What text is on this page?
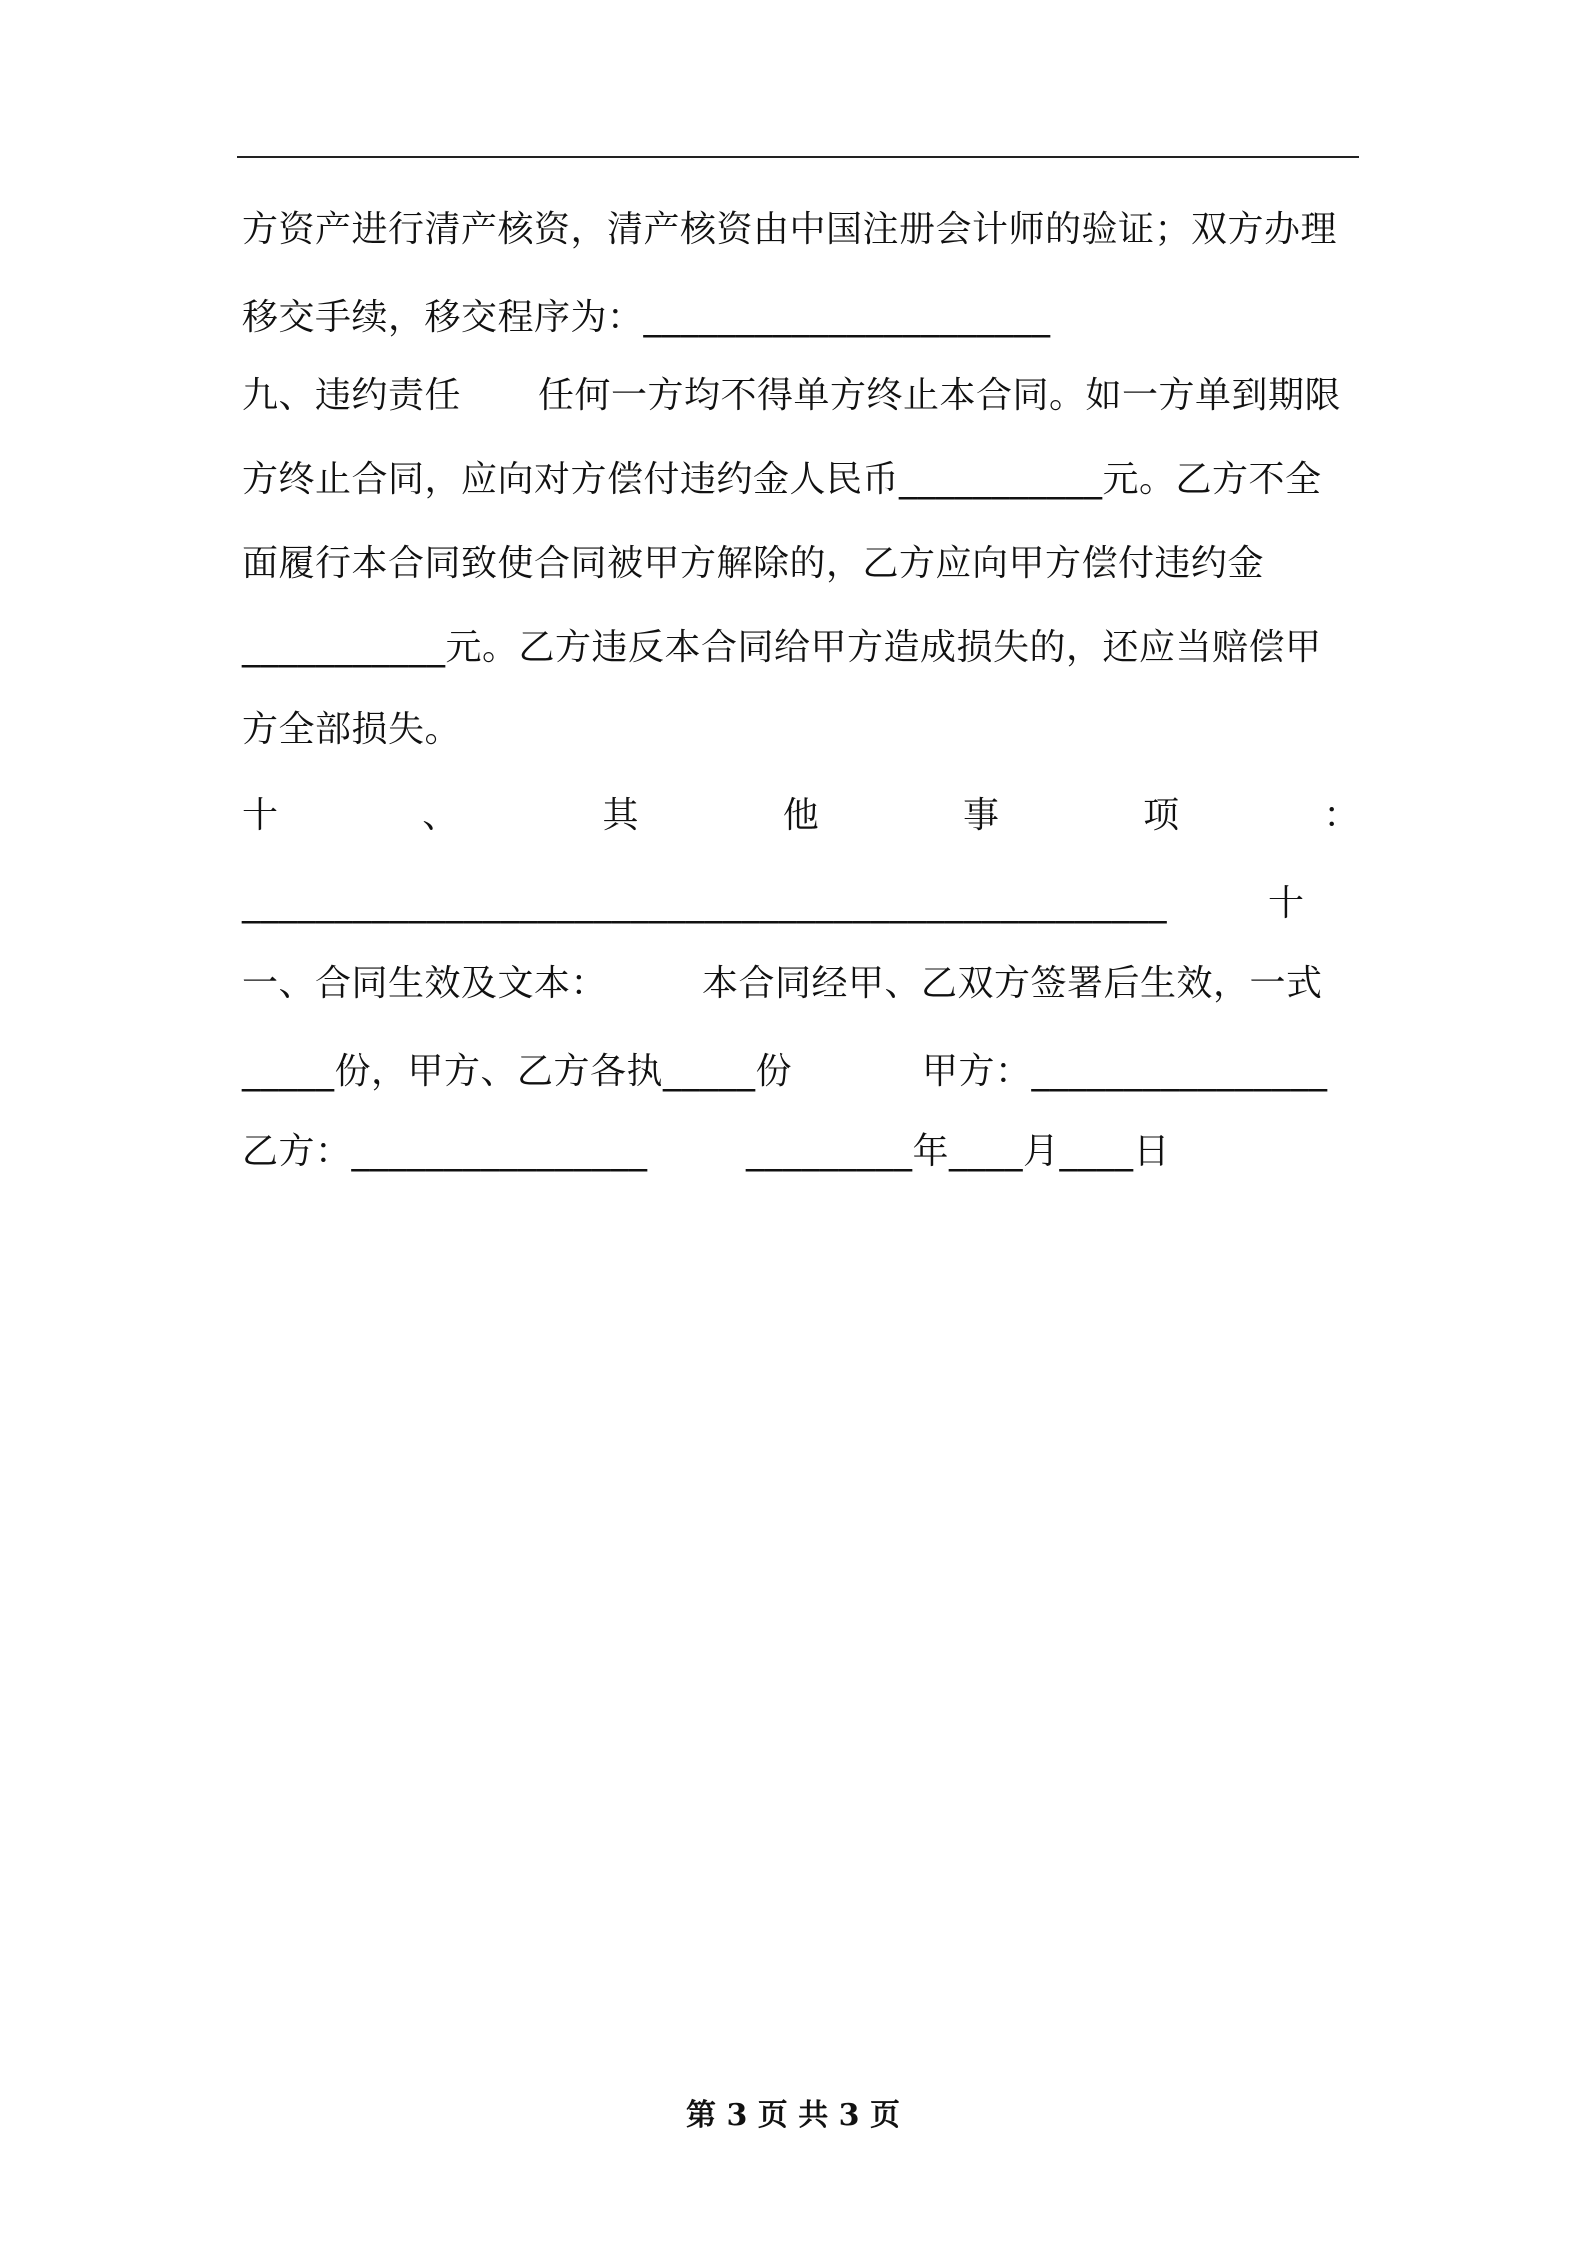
方资产进行清产核资，清产核资由中国注册会计师的验证；双方办理
移交手续，移交程序为：______________________
九、违约责任 任何一方均不得单方终止本合同。如一方单到期限
方终止合同，应向对方偿付违约金人民币___________元。乙方不全
面履行本合同致使合同被甲方解除的，乙方应向甲方偿付违约金
___________元。乙方违反本合同给甲方造成损失的，还应当赔偿甲
方全部损失。
十	、	其	他	事	项	：
__________________________________________________	十
一、合同生效及文本：	本合同经甲、乙双方签署后生效，一式
_____份，甲方、乙方各执_____份	甲方：________________
乙方：________________	_________年____月____日
第 3 页 共 3 页
